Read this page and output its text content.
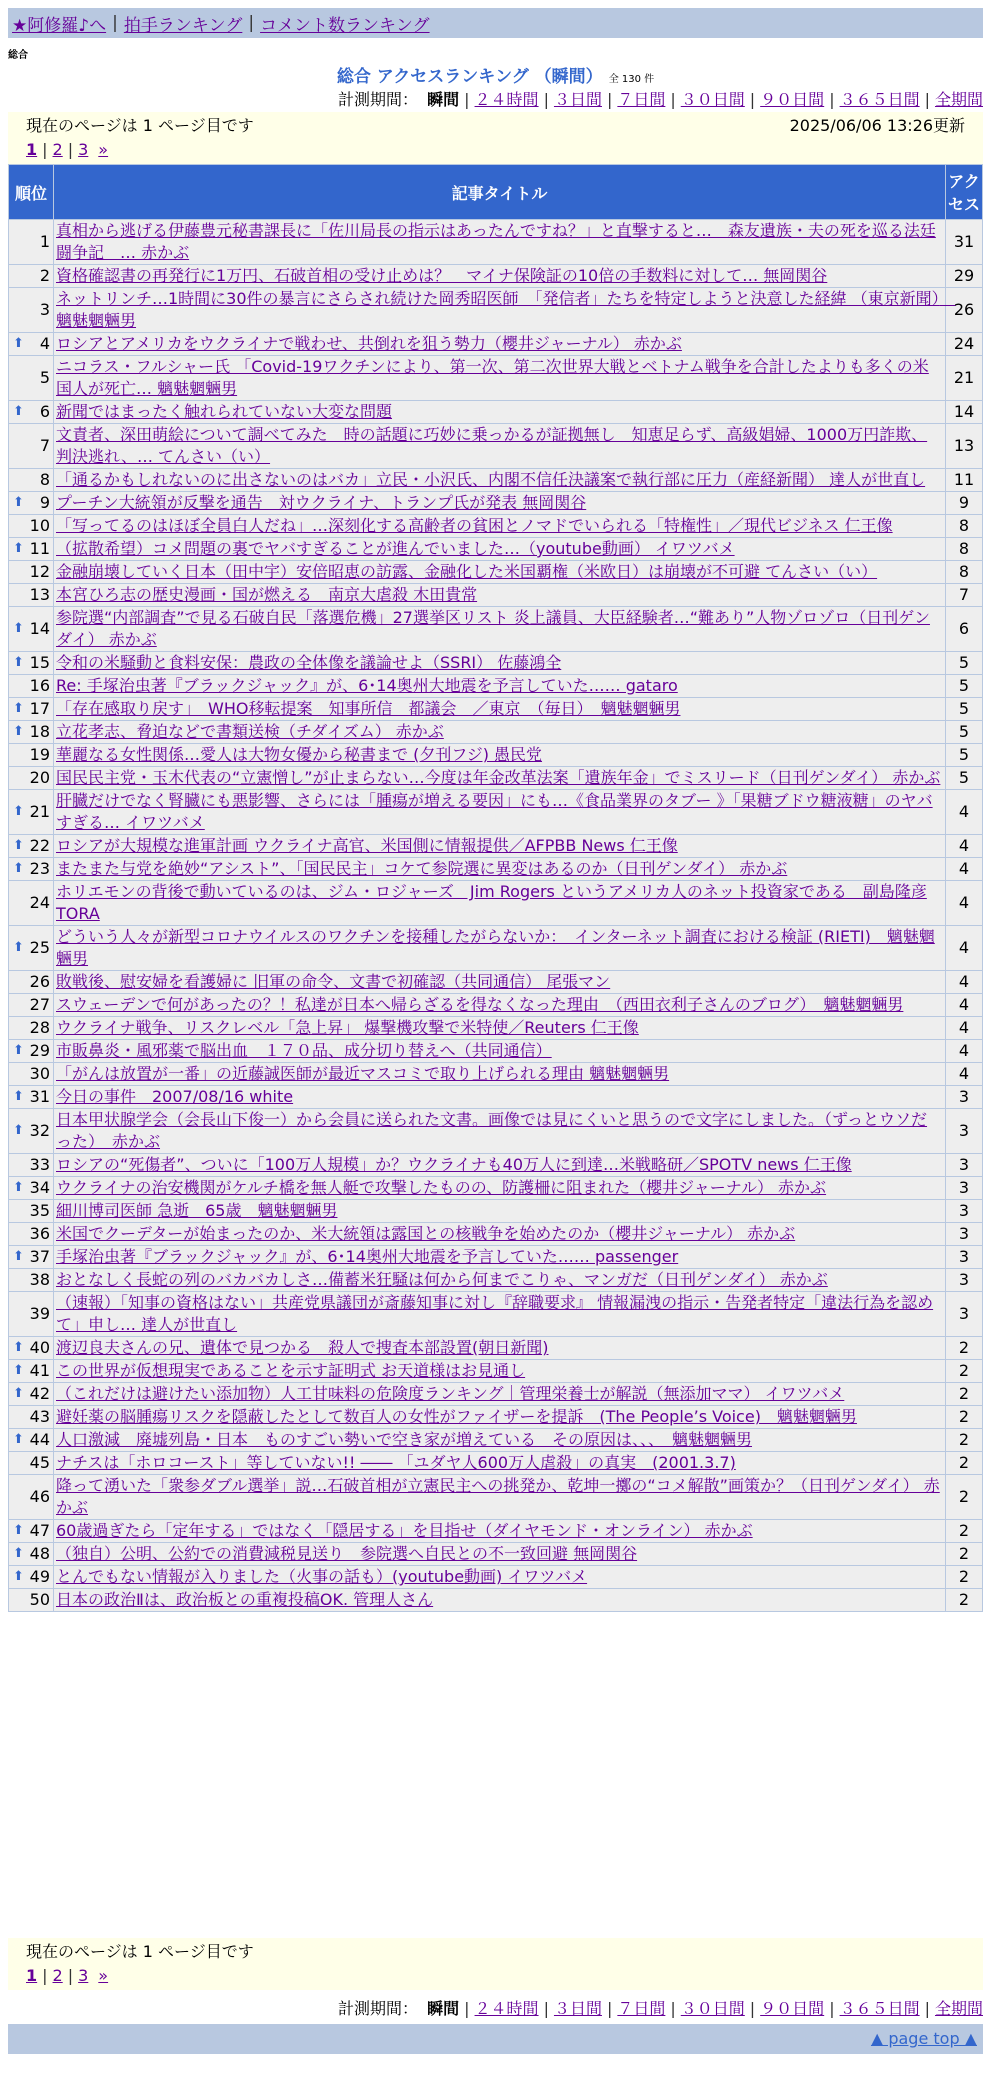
★阿修羅♪へ | 拍手ランキング | コメント数ランキング
総合
総合 アクセスランキング （瞬間） 全 130 件
計測期間： 瞬間 | ２４時間 | ３日間 | ７日間 | ３０日間 | ９０日間 | ３６５日間 | 全期間
現在のページは 1 ページ目です	2025/06/06 13:26更新
1 | 2 | 3 »
順位	記事タイトル	アクセス
1	真相から逃げる伊藤豊元秘書課長に「佐川局長の指示はあったんですね？」と直撃すると…　森友遺族・夫の死を巡る法廷闘争記　… 赤かぶ	31
2	資格確認書の再発行に1万円、石破首相の受け止めは？　マイナ保険証の10倍の手数料に対して… 無岡関谷	29
3	ネットリンチ…1時間に30件の暴言にさらされ続けた岡秀昭医師　「発信者」たちを特定しようと決意した経緯 （東京新聞）　魑魅魍魎男	26

⬆ 4	ロシアとアメリカをウクライナで戦わせ、共倒れを狙う勢力（櫻井ジャーナル） 赤かぶ	24
5	ニコラス・フルシャー氏 「Covid-19ワクチンにより、第一次、第二次世界大戦とベトナム戦争を合計したよりも多くの米国人が死亡… 魑魅魍魎男	21

⬆ 6	新聞ではまったく触れられていない大変な問題	14
7	文責者、深田萌絵について調べてみた　時の話題に巧妙に乗っかるが証拠無し　知恵足らず、高級娼婦、1000万円詐欺、判決逃れ、… てんさい（い）	13
8	「通るかもしれないのに出さないのはバカ」立民・小沢氏、内閣不信任決議案で執行部に圧力（産経新聞） 達人が世直し	11

⬆ 9	プーチン大統領が反撃を通告　対ウクライナ、トランプ氏が発表 無岡関谷	9
10	「写ってるのはほぼ全員白人だね」…深刻化する高齢者の貧困とノマドでいられる「特権性」／現代ビジネス 仁王像	8

⬆ 11	（拡散希望）コメ問題の裏でヤバすぎることが進んでいました…（youtube動画） イワツバメ	8
12	金融崩壊していく日本（田中宇）安倍昭恵の訪露、金融化した米国覇権（米欧日）は崩壊が不可避 てんさい（い）	8
13	本宮ひろ志の歴史漫画・国が燃える　南京大虐殺 木田貴常	7

⬆ 14	参院選“内部調査”で見る石破自民「落選危機」27選挙区リスト 炎上議員、大臣経験者…“難あり”人物ゾロゾロ（日刊ゲンダイ） 赤かぶ	6

⬆ 15	令和の米騒動と食料安保：農政の全体像を議論せよ（SSRI） 佐藤鴻全	5
16	Re: 手塚治虫著『ブラックジャック』が、6･14奥州大地震を予言していた…… gataro	5

⬆ 17	「存在感取り戻す」　WHO移転提案　知事所信　都議会　／東京　（毎日）　魑魅魍魎男	5

⬆ 18	立花孝志、脅迫などで書類送検（チダイズム） 赤かぶ	5
19	華麗なる女性関係…愛人は大物女優から秘書まで (夕刊フジ) 愚民党	5
20	国民民主党・玉木代表の“立憲憎し”が止まらない…今度は年金改革法案「遺族年金」でミスリード（日刊ゲンダイ） 赤かぶ	5

⬆ 21	肝臓だけでなく腎臓にも悪影響、さらには「腫瘍が増える要因」にも…《食品業界のタブー 》「果糖ブドウ糖液糖」のヤバすぎる… イワツバメ	4

⬆ 22	ロシアが大規模な進軍計画 ウクライナ高官、米国側に情報提供／AFPBB News 仁王像	4

⬆ 23	またまた与党を絶妙“アシスト”、「国民民主」コケて参院選に異変はあるのか（日刊ゲンダイ） 赤かぶ	4
24	ホリエモンの背後で動いているのは、ジム・ロジャーズ　Jim Rogers というアメリカ人のネット投資家である　副島隆彦 TORA	4

⬆ 25	どういう人々が新型コロナウイルスのワクチンを接種したがらないか：　インターネット調査における検証 (RIETI)　魑魅魍魎男	4
26	敗戦後、慰安婦を看護婦に 旧軍の命令、文書で初確認（共同通信） 尾張マン	4
27	スウェーデンで何があったの？！私達が日本へ帰らざるを得なくなった理由　（西田衣利子さんのブログ）　魑魅魍魎男	4
28	ウクライナ戦争、リスクレベル「急上昇」 爆撃機攻撃で米特使／Reuters 仁王像	4

⬆ 29	市販鼻炎・風邪薬で脳出血　１７０品、成分切り替えへ（共同通信）	4
30	「がんは放置が一番」の近藤誠医師が最近マスコミで取り上げられる理由 魑魅魍魎男	4

⬆ 31	今日の事件　2007/08/16 white	3

⬆ 32	日本甲状腺学会（会長山下俊一）から会員に送られた文書。画像では見にくいと思うので文字にしました。（ずっとウソだった）　赤かぶ	3
33	ロシアの“死傷者”、ついに「100万人規模」か？ウクライナも40万人に到達…米戦略研／SPOTV news 仁王像	3

⬆ 34	ウクライナの治安機関がケルチ橋を無人艇で攻撃したものの、防護柵に阻まれた（櫻井ジャーナル） 赤かぶ	3
35	細川博司医師 急逝　65歳　魑魅魍魎男	3
36	米国でクーデターが始まったのか、米大統領は露国との核戦争を始めたのか（櫻井ジャーナル） 赤かぶ	3

⬆ 37	手塚治虫著『ブラックジャック』が、6･14奥州大地震を予言していた…… passenger	3
38	おとなしく長蛇の列のバカバカしさ…備蓄米狂騒は何から何までこりゃ、マンガだ（日刊ゲンダイ） 赤かぶ	3
39	（速報）「知事の資格はない」共産党県議団が斎藤知事に対し『辞職要求』 情報漏洩の指示・告発者特定「違法行為を認めて」申し… 達人が世直し	3

⬆ 40	渡辺良夫さんの兄、遺体で見つかる　殺人で捜査本部設置(朝日新聞)	2

⬆ 41	この世界が仮想現実であることを示す証明式 お天道様はお見通し	2

⬆ 42	（これだけは避けたい添加物）人工甘味料の危険度ランキング｜管理栄養士が解説（無添加ママ） イワツバメ	2
43	避妊薬の脳腫瘍リスクを隠蔽したとして数百人の女性がファイザーを提訴　(The People’s Voice)　魑魅魍魎男	2

⬆ 44	人口激減　廃墟列島・日本　ものすごい勢いで空き家が増えている　その原因は、、、　魑魅魍魎男	2
45	ナチスは「ホロコースト」等していない!! ―― 「ユダヤ人600万人虐殺」の真実　(2001.3.7)	2
46	降って湧いた「衆参ダブル選挙」説…石破首相が立憲民主への挑発か、乾坤一擲の“コメ解散”画策か？（日刊ゲンダイ） 赤かぶ	2

⬆ 47	60歳過ぎたら「定年する」ではなく「隠居する」を目指せ（ダイヤモンド・オンライン） 赤かぶ	2

⬆ 48	（独自）公明、公約での消費減税見送り　参院選へ自民との不一致回避 無岡関谷	2

⬆ 49	とんでもない情報が入りました（火事の話も）(youtube動画) イワツバメ	2
50	日本の政治Ⅱは、政治板との重複投稿OK. 管理人さん	2
現在のページは 1 ページ目です
1 | 2 | 3 »
計測期間： 瞬間 | ２４時間 | ３日間 | ７日間 | ３０日間 | ９０日間 | ３６５日間 | 全期間
▲ page top ▲
